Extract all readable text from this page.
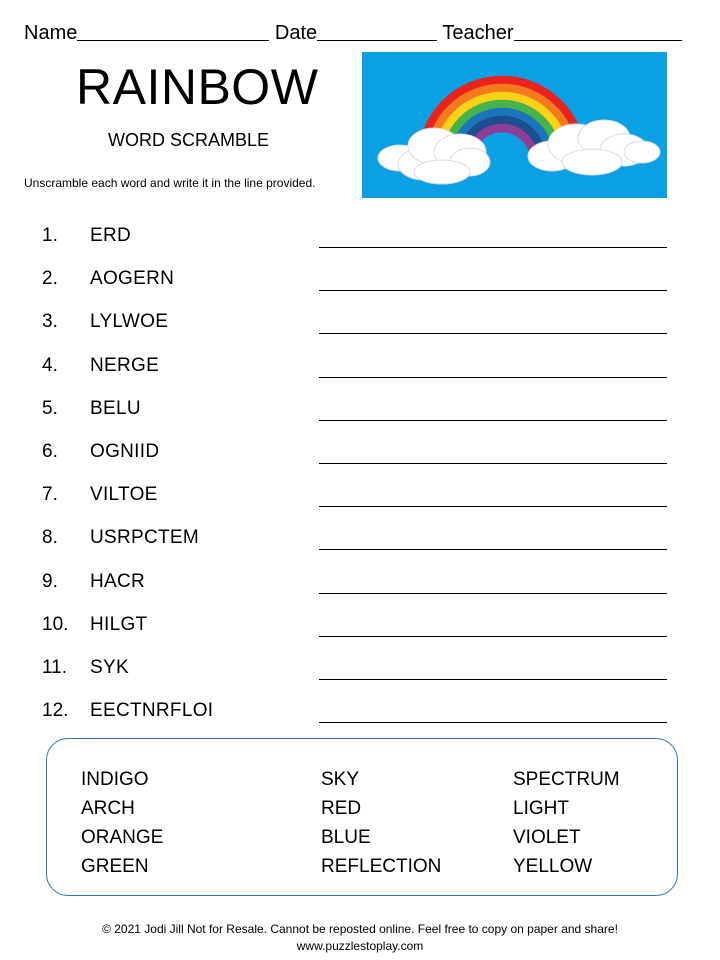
Name	Date	Teacher
RAINBOW
WORD SCRAMBLE
Unscramble each word and write it in the line provided.
1. ERD
2. AOGERN
3. LYLWOE
4. NERGE
5. BELU
6. OGNIID
7. VILTOE
8. USRPCTEM
9. HACR
10. HILGT
11. SYK
12. EECTNRFLOI
INDIGO
ARCH
ORANGE
GREEN
SKY
RED
BLUE
REFLECTION
SPECTRUM
LIGHT
VIOLET
YELLOW
© 2021 Jodi Jill Not for Resale. Cannot be reposted online. Feel free to copy on paper and share!
www.puzzlestoplay.com
